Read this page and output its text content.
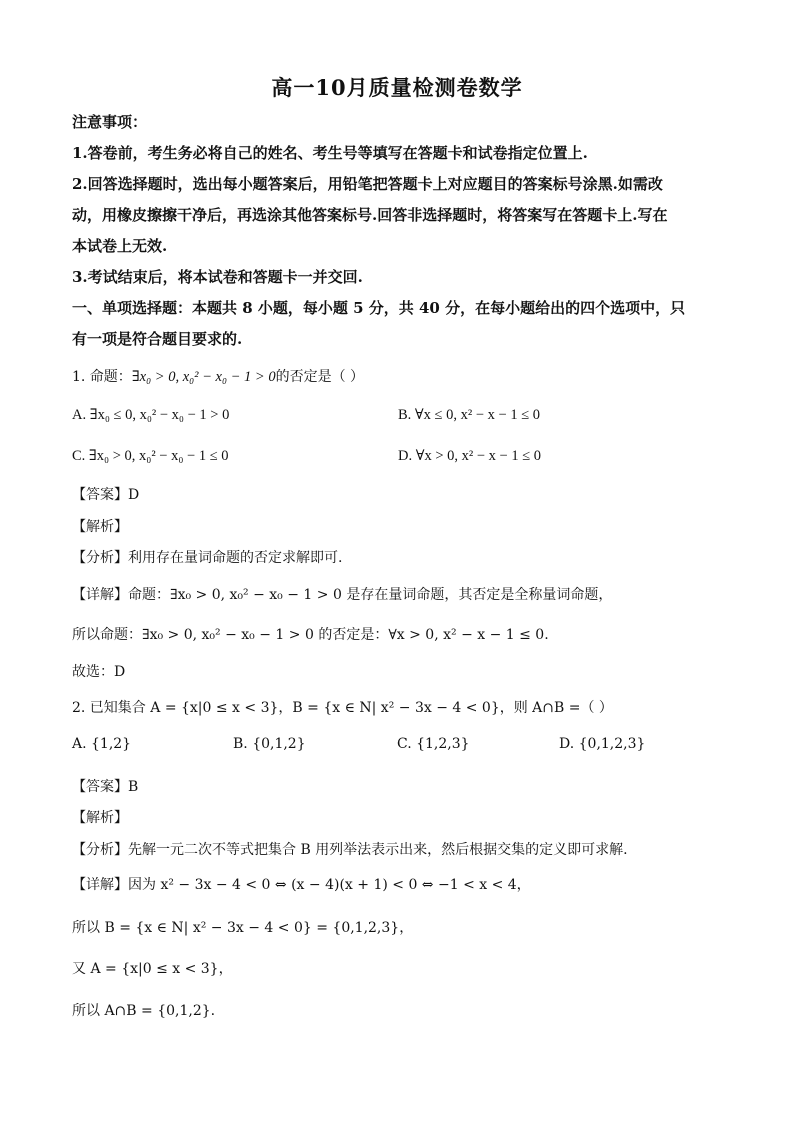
高一10月质量检测卷数学
注意事项：
1.答卷前，考生务必将自己的姓名、考生号等填写在答题卡和试卷指定位置上.
2.回答选择题时，选出每小题答案后，用铅笔把答题卡上对应题目的答案标号涂黑.如需改
动，用橡皮擦擦干净后，再选涂其他答案标号.回答非选择题时，将答案写在答题卡上.写在
本试卷上无效.
3.考试结束后，将本试卷和答题卡一并交回.
一、单项选择题：本题共 8 小题，每小题 5 分，共 40 分，在每小题给出的四个选项中，只
有一项是符合题目要求的.
1. 命题：∃x₀ > 0, x₀² − x₀ − 1 > 0的否定是（ ）
A. ∃x₀ ≤ 0, x₀² − x₀ − 1 > 0	B. ∀x ≤ 0, x² − x − 1 ≤ 0
C. ∃x₀ > 0, x₀² − x₀ − 1 ≤ 0	D. ∀x > 0, x² − x − 1 ≤ 0
【答案】D
【解析】
【分析】利用存在量词命题的否定求解即可.
【详解】命题：∃x₀ > 0, x₀² − x₀ − 1 > 0 是存在量词命题，其否定是全称量词命题，
所以命题：∃x₀ > 0, x₀² − x₀ − 1 > 0 的否定是：∀x > 0, x² − x − 1 ≤ 0.
故选：D
2. 已知集合 A = {x|0 ≤ x < 3}，B = {x ∈ N| x² − 3x − 4 < 0}，则 A∩B =（ ）
A. {1,2}	B. {0,1,2}	C. {1,2,3}	D. {0,1,2,3}
【答案】B
【解析】
【分析】先解一元二次不等式把集合 B 用列举法表示出来，然后根据交集的定义即可求解.
【详解】因为 x² − 3x − 4 < 0 ⇔ (x − 4)(x + 1) < 0 ⇔ −1 < x < 4，
所以 B = {x ∈ N| x² − 3x − 4 < 0} = {0,1,2,3}，
又 A = {x|0 ≤ x < 3}，
所以 A∩B = {0,1,2}.
